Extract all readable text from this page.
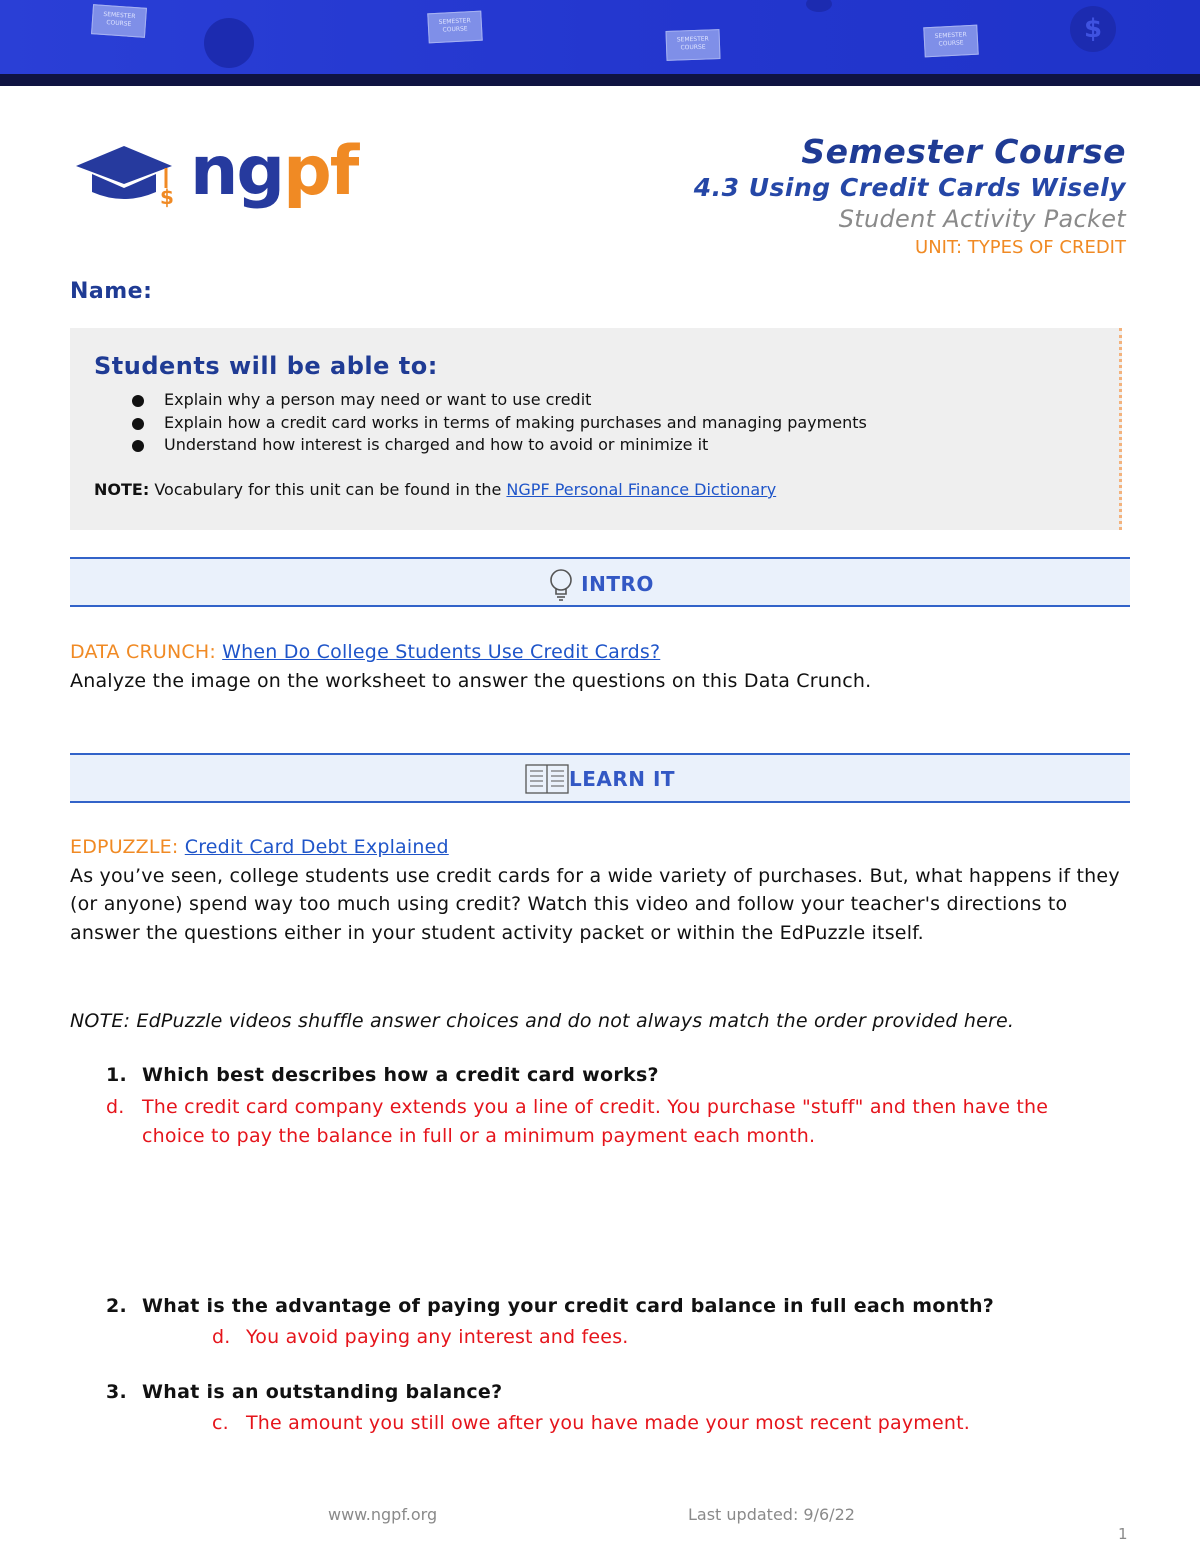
SEMESTER COURSE	SEMESTER COURSE
SEMESTER COURSE
SEMESTER COURSE	$
$ ngpf	Semester Course
4.3 Using Credit Cards Wisely
Student Activity Packet
UNIT: TYPES OF CREDIT
Name:
Students will be able to:
Explain why a person may need or want to use credit
Explain how a credit card works in terms of making purchases and managing payments
Understand how interest is charged and how to avoid or minimize it
NOTE: Vocabulary for this unit can be found in the NGPF Personal Finance Dictionary
INTRO
DATA CRUNCH: When Do College Students Use Credit Cards?
Analyze the image on the worksheet to answer the questions on this Data Crunch.
LEARN IT
EDPUZZLE: Credit Card Debt Explained
As you’ve seen, college students use credit cards for a wide variety of purchases. But, what happens if they (or anyone) spend way too much using credit? Watch this video and follow your teacher's directions to answer the questions either in your student activity packet or within the EdPuzzle itself.
NOTE: EdPuzzle videos shuffle answer choices and do not always match the order provided here.
1. Which best describes how a credit card works?
d. The credit card company extends you a line of credit. You purchase "stuff" and then have the choice to pay the balance in full or a minimum payment each month.
2. What is the advantage of paying your credit card balance in full each month?
d. You avoid paying any interest and fees.
3. What is an outstanding balance?
c. The amount you still owe after you have made your most recent payment.
www.ngpf.org	Last updated: 9/6/22
1
